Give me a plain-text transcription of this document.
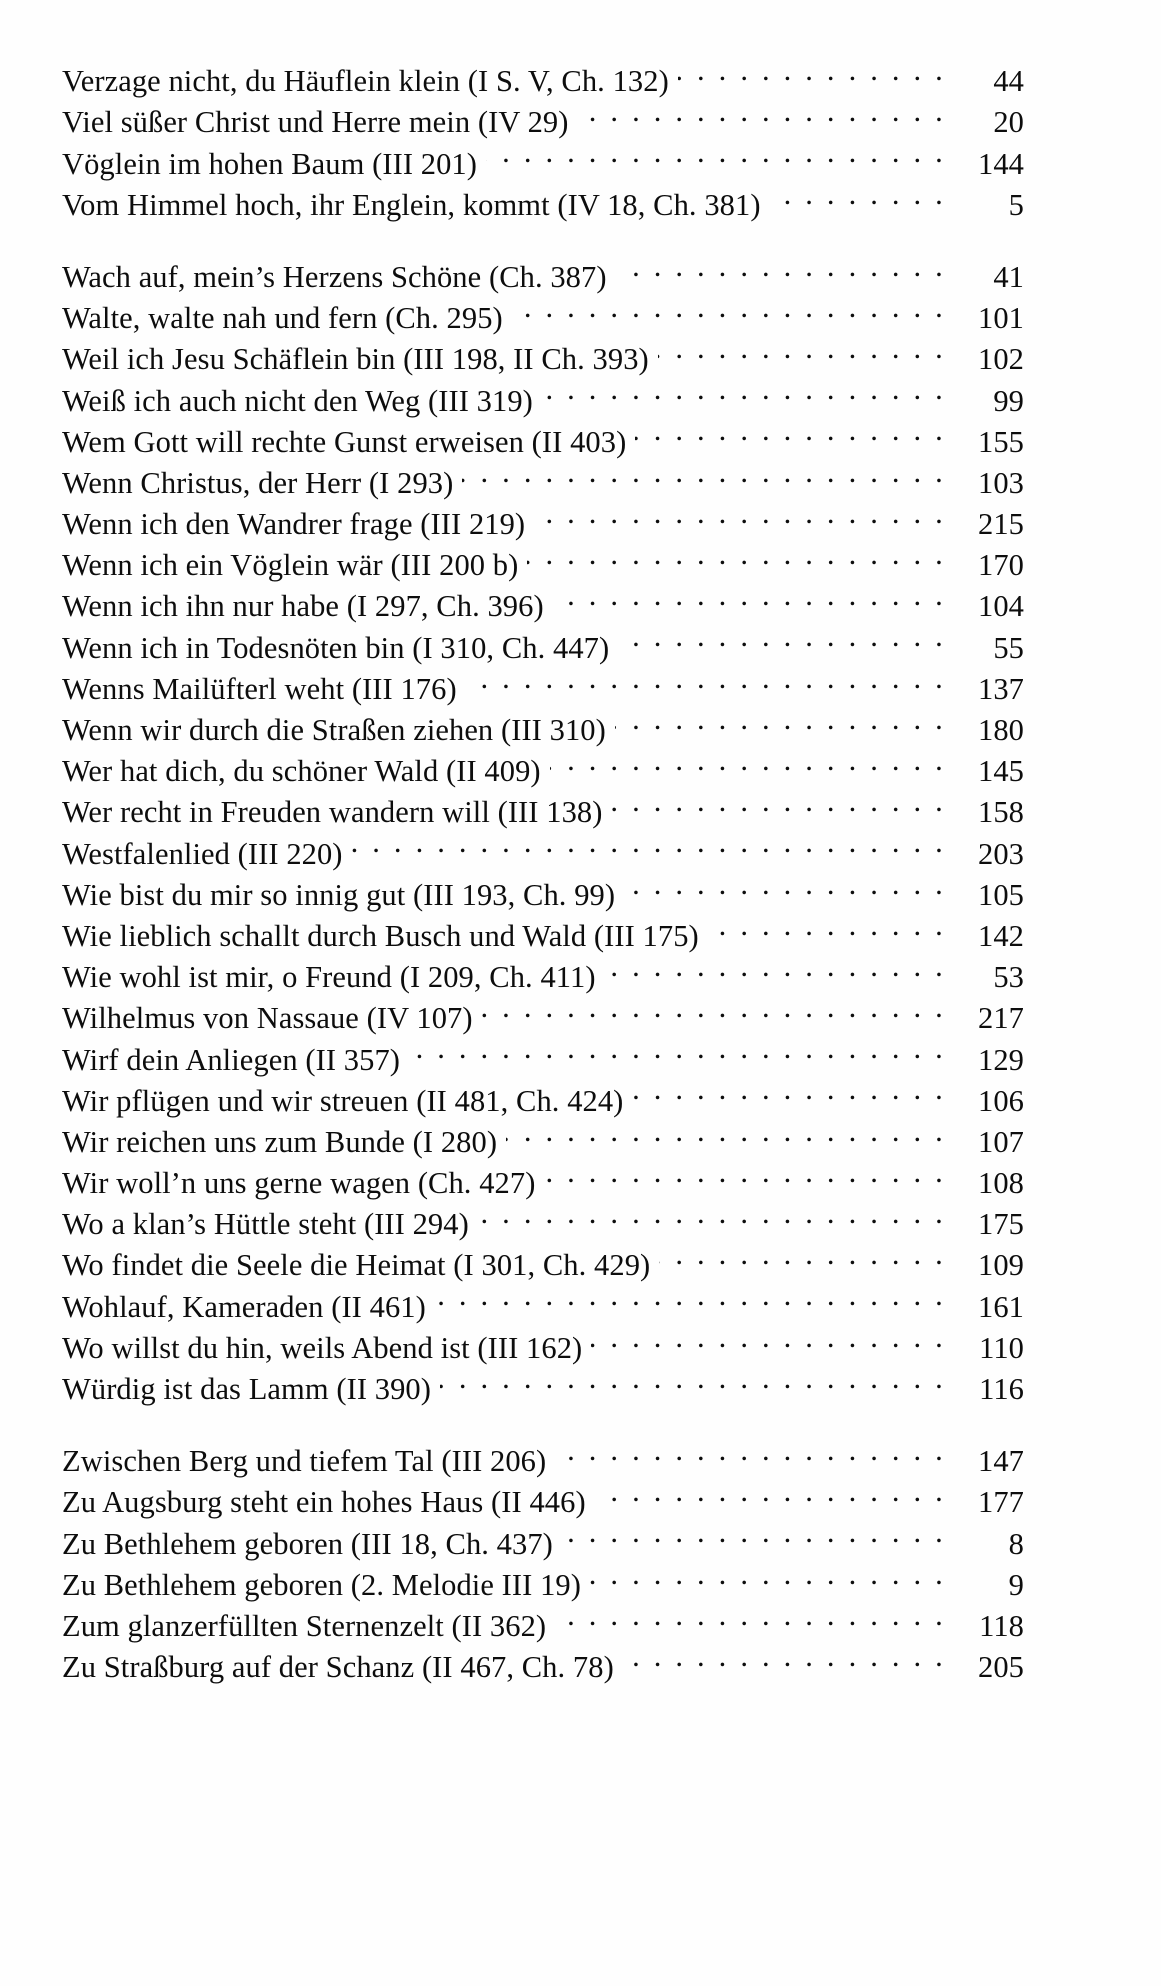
Verzage nicht, du Häuflein klein (I S. V, Ch. 132) . . .	44
Viel süßer Christ und Herre mein (IV 29) . . .	20
Vöglein im hohen Baum (III 201) . . .	144
Vom Himmel hoch, ihr Englein, kommt (IV 18, Ch. 381) . . .	5
Wach auf, mein’s Herzens Schöne (Ch. 387) . . .	41
Walte, walte nah und fern (Ch. 295) . . .	101
Weil ich Jesu Schäflein bin (III 198, II Ch. 393) . . .	102
Weiß ich auch nicht den Weg (III 319) . . .	99
Wem Gott will rechte Gunst erweisen (II 403) . . .	155
Wenn Christus, der Herr (I 293) . . .	103
Wenn ich den Wandrer frage (III 219) . . .	215
Wenn ich ein Vöglein wär (III 200 b) . . .	170
Wenn ich ihn nur habe (I 297, Ch. 396) . . .	104
Wenn ich in Todesnöten bin (I 310, Ch. 447) . . .	55
Wenns Mailüfterl weht (III 176) . . .	137
Wenn wir durch die Straßen ziehen (III 310) . . .	180
Wer hat dich, du schöner Wald (II 409) . . .	145
Wer recht in Freuden wandern will (III 138) . . .	158
Westfalenlied (III 220) . . .	203
Wie bist du mir so innig gut (III 193, Ch. 99) . . .	105
Wie lieblich schallt durch Busch und Wald (III 175) . . .	142
Wie wohl ist mir, o Freund (I 209, Ch. 411) . . .	53
Wilhelmus von Nassaue (IV 107) . . .	217
Wirf dein Anliegen (II 357) . . .	129
Wir pflügen und wir streuen (II 481, Ch. 424) . . .	106
Wir reichen uns zum Bunde (I 280) . . .	107
Wir woll’n uns gerne wagen (Ch. 427) . . .	108
Wo a klan’s Hüttle steht (III 294) . . .	175
Wo findet die Seele die Heimat (I 301, Ch. 429) . . .	109
Wohlauf, Kameraden (II 461) . . .	161
Wo willst du hin, weils Abend ist (III 162) . . .	110
Würdig ist das Lamm (II 390) . . .	116
Zwischen Berg und tiefem Tal (III 206) . . .	147
Zu Augsburg steht ein hohes Haus (II 446) . . .	177
Zu Bethlehem geboren (III 18, Ch. 437) . . .	8
Zu Bethlehem geboren (2. Melodie III 19) . . .	9
Zum glanzerfüllten Sternenzelt (II 362) . . .	118
Zu Straßburg auf der Schanz (II 467, Ch. 78) . . .	205
